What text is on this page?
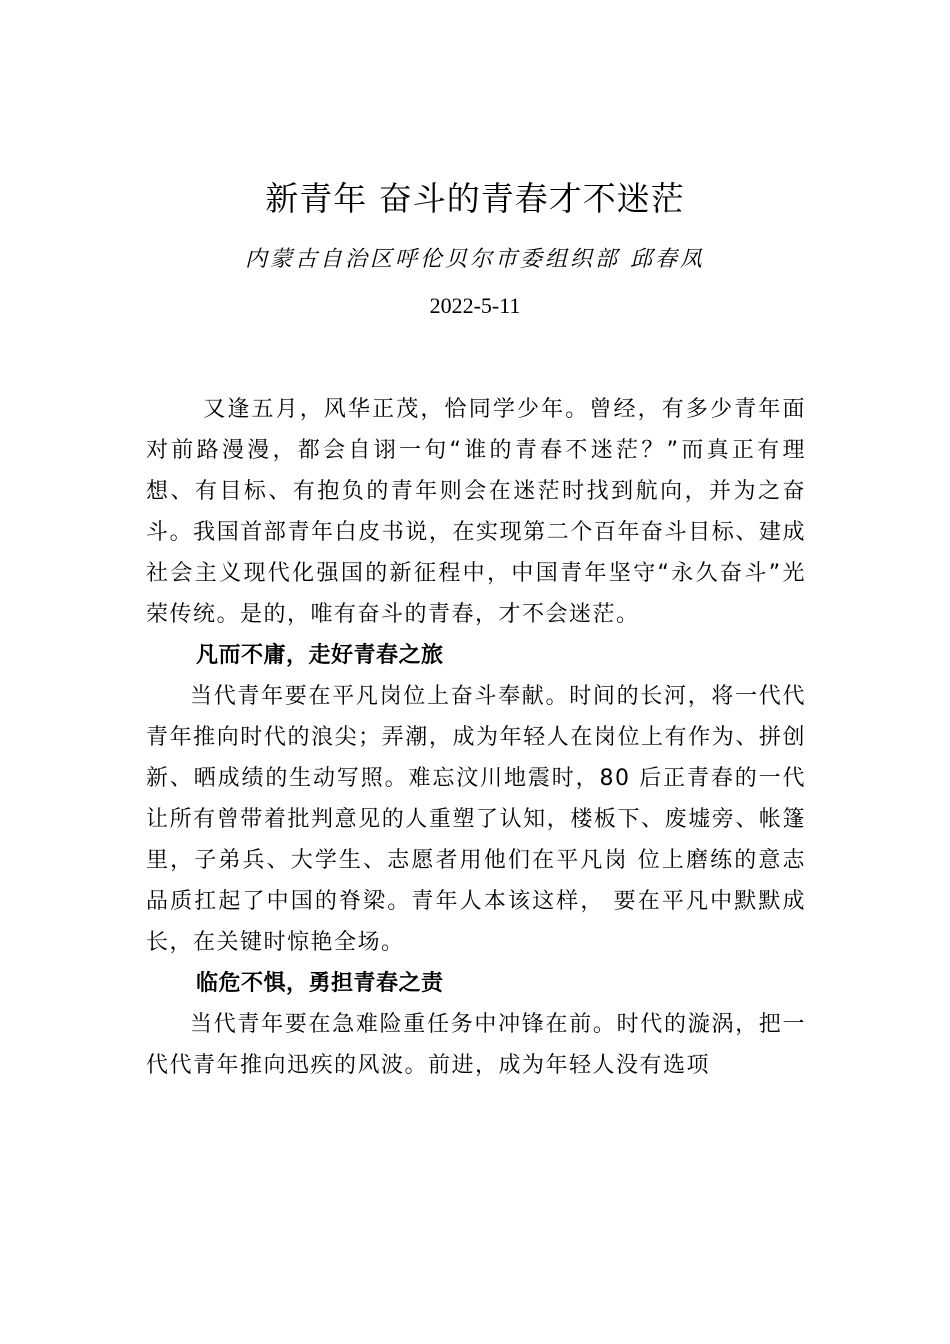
新青年 奋斗的青春才不迷茫
内蒙古自治区呼伦贝尔市委组织部 邱春凤
2022-5-11

又逢五月，风华正茂，恰同学少年。曾经，有多少青年面对前路漫漫，都会自诩一句“谁的青春不迷茫？”而真正有理想、有目标、有抱负的青年则会在迷茫时找到航向，并为之奋斗。我国首部青年白皮书说，在实现第二个百年奋斗目标、建成社会主义现代化强国的新征程中，中国青年坚守“永久奋斗”光荣传统。是的，唯有奋斗的青春，才不会迷茫。

凡而不庸，走好青春之旅

当代青年要在平凡岗位上奋斗奉献。时间的长河，将一代代青年推向时代的浪尖；弄潮，成为年轻人在岗位上有作为、拼创新、晒成绩的生动写照。难忘汶川地震时，80 后正青春的一代让所有曾带着批判意见的人重塑了认知，楼板下、废墟旁、帐篷里，子弟兵、大学生、志愿者用他们在平凡岗 位上磨练的意志品质扛起了中国的脊梁。青年人本该这样， 要在平凡中默默成长，在关键时惊艳全场。

临危不惧，勇担青春之责

当代青年要在急难险重任务中冲锋在前。时代的漩涡，把一代代青年推向迅疾的风波。前进，成为年轻人没有选项
